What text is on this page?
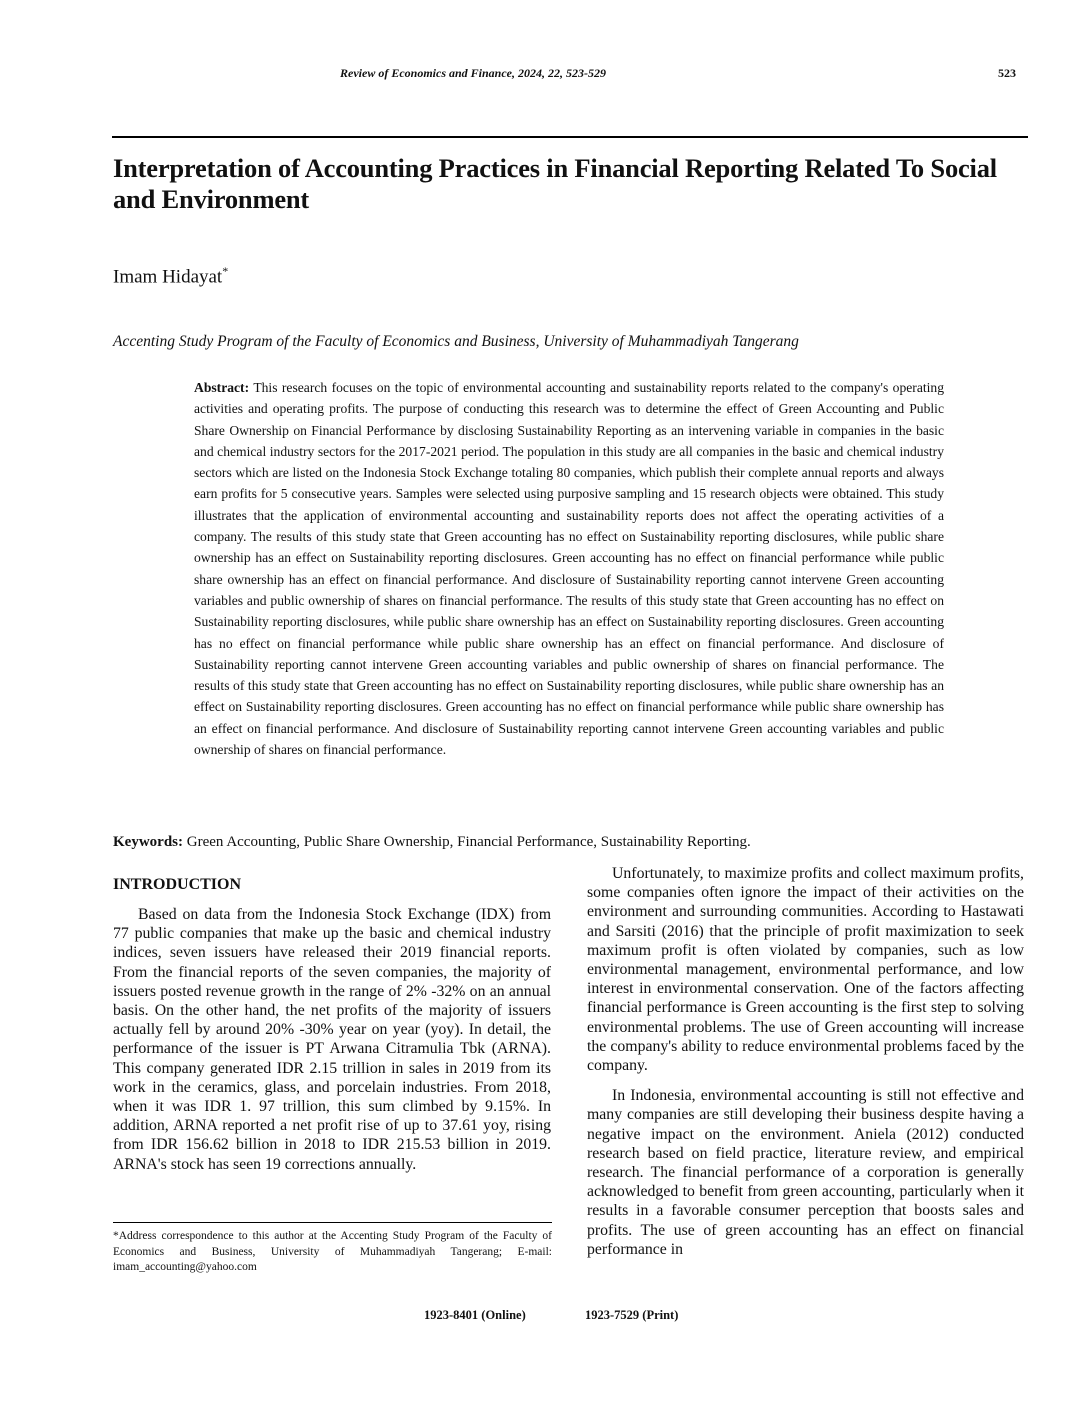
Review of Economics and Finance, 2024, 22, 523-529	523
Interpretation of Accounting Practices in Financial Reporting Related To Social and Environment
Imam Hidayat*
Accenting Study Program of the Faculty of Economics and Business, University of Muhammadiyah Tangerang
Abstract: This research focuses on the topic of environmental accounting and sustainability reports related to the company's operating activities and operating profits. The purpose of conducting this research was to determine the effect of Green Accounting and Public Share Ownership on Financial Performance by disclosing Sustainability Reporting as an intervening variable in companies in the basic and chemical industry sectors for the 2017-2021 period. The population in this study are all companies in the basic and chemical industry sectors which are listed on the Indonesia Stock Exchange totaling 80 companies, which publish their complete annual reports and always earn profits for 5 consecutive years. Samples were selected using purposive sampling and 15 research objects were obtained. This study illustrates that the application of environmental accounting and sustainability reports does not affect the operating activities of a company. The results of this study state that Green accounting has no effect on Sustainability reporting disclosures, while public share ownership has an effect on Sustainability reporting disclosures. Green accounting has no effect on financial performance while public share ownership has an effect on financial performance. And disclosure of Sustainability reporting cannot intervene Green accounting variables and public ownership of shares on financial performance. The results of this study state that Green accounting has no effect on Sustainability reporting disclosures, while public share ownership has an effect on Sustainability reporting disclosures. Green accounting has no effect on financial performance while public share ownership has an effect on financial performance. And disclosure of Sustainability reporting cannot intervene Green accounting variables and public ownership of shares on financial performance. The results of this study state that Green accounting has no effect on Sustainability reporting disclosures, while public share ownership has an effect on Sustainability reporting disclosures. Green accounting has no effect on financial performance while public share ownership has an effect on financial performance. And disclosure of Sustainability reporting cannot intervene Green accounting variables and public ownership of shares on financial performance.
Keywords: Green Accounting, Public Share Ownership, Financial Performance, Sustainability Reporting.
INTRODUCTION

Based on data from the Indonesia Stock Exchange (IDX) from 77 public companies that make up the basic and chemical industry indices, seven issuers have released their 2019 financial reports. From the financial reports of the seven companies, the majority of issuers posted revenue growth in the range of 2% -32% on an annual basis. On the other hand, the net profits of the majority of issuers actually fell by around 20% -30% year on year (yoy). In detail, the performance of the issuer is PT Arwana Citramulia Tbk (ARNA). This company generated IDR 2.15 trillion in sales in 2019 from its work in the ceramics, glass, and porcelain industries. From 2018, when it was IDR 1. 97 trillion, this sum climbed by 9.15%. In addition, ARNA reported a net profit rise of up to 37.61 yoy, rising from IDR 156.62 billion in 2018 to IDR 215.53 billion in 2019. ARNA's stock has seen 19 corrections annually.

Unfortunately, to maximize profits and collect maximum profits, some companies often ignore the impact of their activities on the environment and surrounding communities. According to Hastawati and Sarsiti (2016) that the principle of profit maximization to seek maximum profit is often violated by companies, such as low environmental management, environmental performance, and low interest in environmental conservation. One of the factors affecting financial performance is Green accounting is the first step to solving environmental problems. The use of Green accounting will increase the company's ability to reduce environmental problems faced by the company.

In Indonesia, environmental accounting is still not effective and many companies are still developing their business despite having a negative impact on the environment. Aniela (2012) conducted research based on field practice, literature review, and empirical research. The financial performance of a corporation is generally acknowledged to benefit from green accounting, particularly when it results in a favorable consumer perception that boosts sales and profits. The use of green accounting has an effect on financial performance in

*Address correspondence to this author at the Accenting Study Program of the Faculty of Economics and Business, University of Muhammadiyah Tangerang; E-mail: imam_accounting@yahoo.com
1923-8401 (Online)	1923-7529 (Print)
